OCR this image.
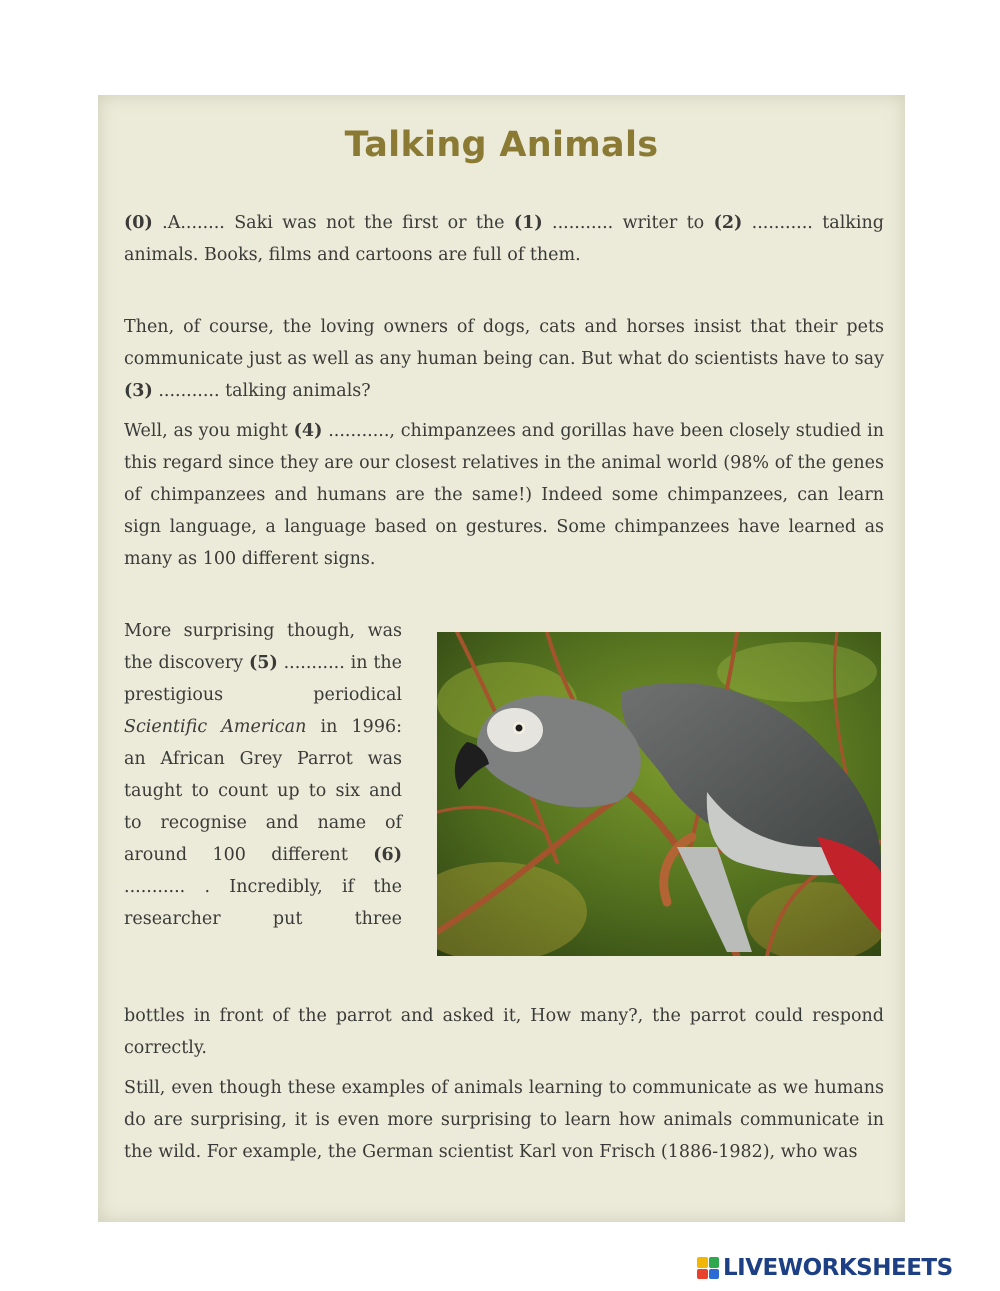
Talking Animals
(0) .A........ Saki was not the first or the (1) ........... writer to (2) ........... talking animals. Books, films and cartoons are full of them.
Then, of course, the loving owners of dogs, cats and horses insist that their pets communicate just as well as any human being can. But what do scientists have to say (3) ........... talking animals?
Well, as you might (4) ..........., chimpanzees and gorillas have been closely studied in this regard since they are our closest relatives in the animal world (98% of the genes of chimpanzees and humans are the same!) Indeed some chimpanzees, can learn sign language, a language based on gestures. Some chimpanzees have learned as many as 100 different signs.
More surprising though, was the discovery (5) ........... in the prestigious periodical Scientific American in 1996: an African Grey Parrot was taught to count up to six and to recognise and name of around 100 different (6) ........... . Incredibly, if the researcher put three
bottles in front of the parrot and asked it, How many?, the parrot could respond correctly.
Still, even though these examples of animals learning to communicate as we humans do are surprising, it is even more surprising to learn how animals communicate in the wild. For example, the German scientist Karl von Frisch (1886-1982), who was
LIVEWORKSHEETS
